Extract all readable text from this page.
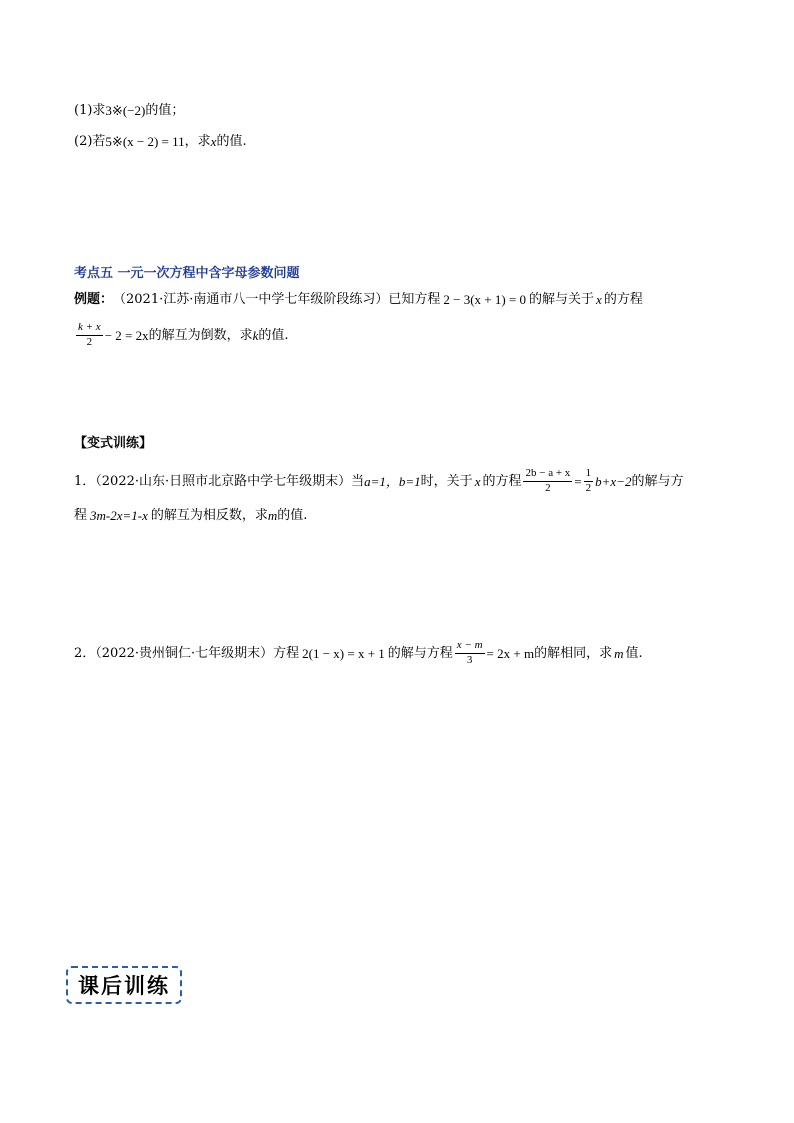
(1)求 3※(−2) 的值；
(2)若 5※(x − 2) = 11 ，求 x 的值.
考点五 一元一次方程中含字母参数问题
例题： （2021·江苏·南通市八一中学七年级阶段练习）已知方程 2 − 3(x + 1) = 0 的解与关于 x 的方程
$\frac{k + x}{2} - 2 = 2x$ 的解互为倒数，求 k 的值.
【变式训练】
1．（2022·山东·日照市北京路中学七年级期末）当 a=1，b=1 时，关于 x 的方程 $\frac{2b - a + x}{2} = \frac{1}{2} b+x-2$ 的解与方
程 3m-2x=1-x 的解互为相反数，求 m 的值.
2．（2022·贵州铜仁·七年级期末）方程 2(1 − x) = x + 1 的解与方程 $\frac{x - m}{3} = 2x + m$ 的解相同，求 m 值.
课后训练
